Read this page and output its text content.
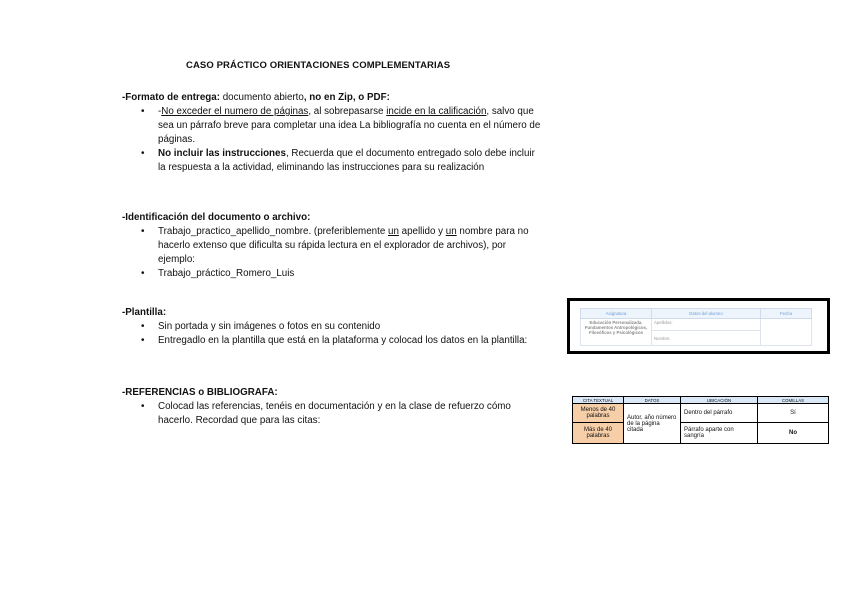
CASO PRÁCTICO ORIENTACIONES COMPLEMENTARIAS
-Formato de entrega: documento abierto, no en Zip, o PDF:
• -No exceder el numero de páginas, al sobrepasarse incide en la calificación, salvo que sea un párrafo breve para completar una idea La bibliografía no cuenta en el número de páginas.
• No incluir las instrucciones, Recuerda que el documento entregado solo debe incluir la respuesta a la actividad, eliminando las instrucciones para su realización
-Identificación del documento o archivo:
• Trabajo_practico_apellido_nombre. (preferiblemente un apellido y un nombre para no hacerlo extenso que dificulta su rápida lectura en el explorador de archivos), por ejemplo:
• Trabajo_práctico_Romero_Luis
-Plantilla:
• Sin portada y sin imágenes o fotos en su contenido
• Entregadlo en la plantilla que está en la plataforma y colocad los datos en la plantilla:
-REFERENCIAS o BIBLIOGRAFA:
• Colocad las referencias, tenéis en documentación y en la clase de refuerzo cómo hacerlo. Recordad que para las citas:
Asignatura	Datos del alumno	Fecha
Educación Personalizada. Fundamentos Antropológicos, Filosóficos y Psicológicos	Apellidos:	
	Nombre:	
CITA TEXTUAL	DATOS	UBICACIÓN	COMILLAS
Menos de 40 palabras	Autor, año número de la página citada	Dentro del párrafo	Sí
Más de 40 palabras		Párrafo aparte con sangría	No
